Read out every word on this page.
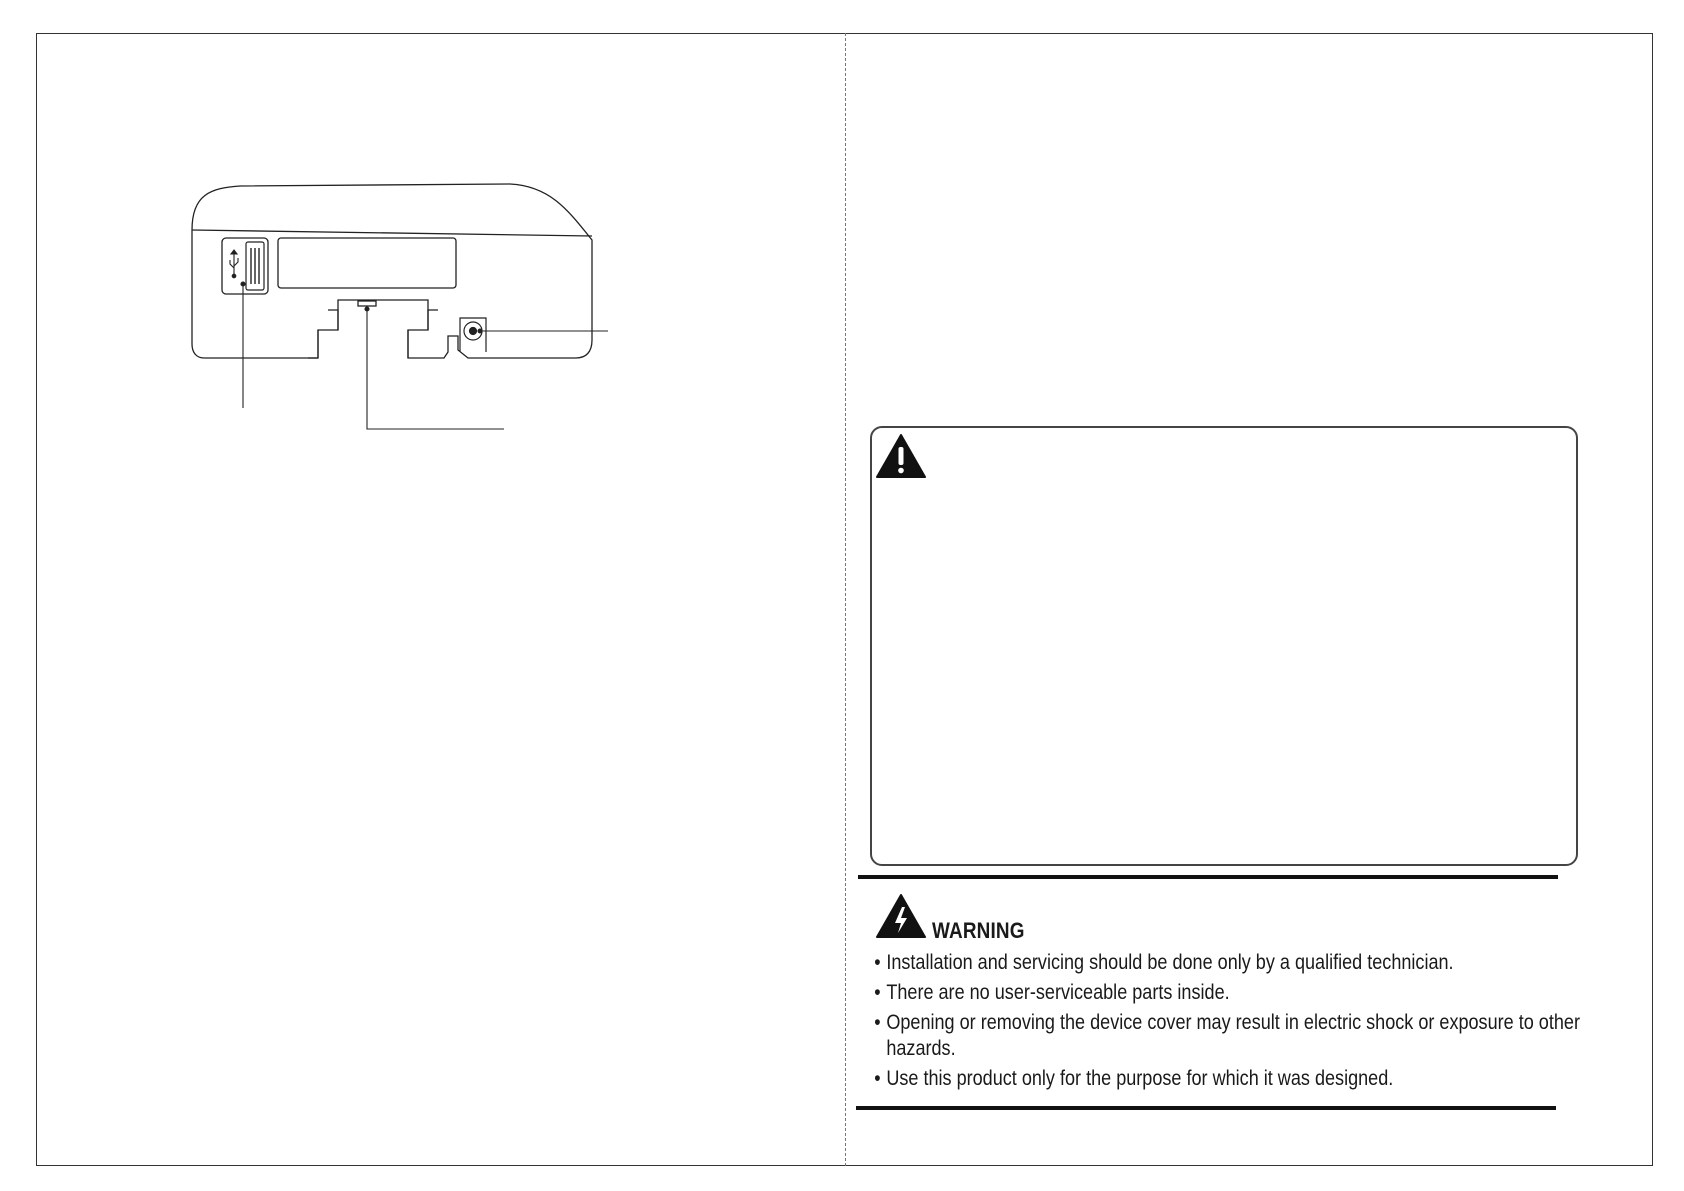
WARNING
• Installation and servicing should be done only by a qualified technician.
• There are no user-serviceable parts inside.
• Opening or removing the device cover may result in electric shock or exposure to other hazards.
• Use this product only for the purpose for which it was designed.
